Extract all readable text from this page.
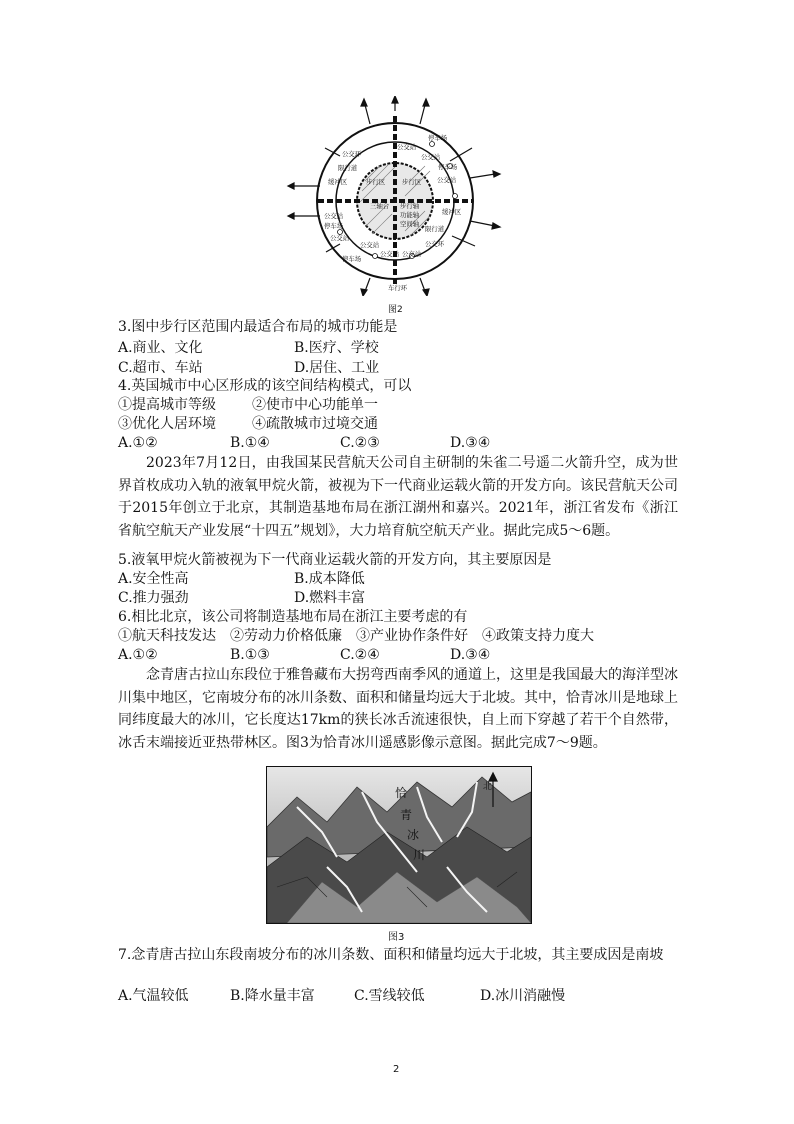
公交站
停车场
公交站
停车场
公交站
公交环
限行道
缓冲区	步行区	步行区
三轴合 步行轴
功能轴
空间轴
缓冲区
限行道
公交站
停车场
公交站
公交站
公交站 公交站
公交环
停车场
车行环
图2
3.图中步行区范围内最适合布局的城市功能是
A.商业、文化	B.医疗、学校
C.超市、车站	D.居住、工业
4.英国城市中心区形成的该空间结构模式，可以
①提高城市等级	②使市中心功能单一
③优化人居环境	④疏散城市过境交通
A.①②	B.①④	C.②③	D.③④
2023年7月12日，由我国某民营航天公司自主研制的朱雀二号遥二火箭升空，成为世界首枚成功入轨的液氧甲烷火箭，被视为下一代商业运载火箭的开发方向。该民营航天公司于2015年创立于北京，其制造基地布局在浙江湖州和嘉兴。2021年，浙江省发布《浙江省航空航天产业发展“十四五”规划》，大力培育航空航天产业。据此完成5～6题。
5.液氧甲烷火箭被视为下一代商业运载火箭的开发方向，其主要原因是
A.安全性高	B.成本降低
C.推力强劲	D.燃料丰富
6.相比北京，该公司将制造基地布局在浙江主要考虑的有
①航天科技发达　②劳动力价格低廉　③产业协作条件好　④政策支持力度大
A.①②	B.①③	C.②④	D.③④
念青唐古拉山东段位于雅鲁藏布大拐弯西南季风的通道上，这里是我国最大的海洋型冰川集中地区，它南坡分布的冰川条数、面积和储量均远大于北坡。其中，恰青冰川是地球上同纬度最大的冰川，它长度达17km的狭长冰舌流速很快，自上而下穿越了若干个自然带，冰舌末端接近亚热带林区。图3为恰青冰川遥感影像示意图。据此完成7～9题。
恰
青
冰
川
北
图3
7.念青唐古拉山东段南坡分布的冰川条数、面积和储量均远大于北坡，其主要成因是南坡
A.气温较低	B.降水量丰富	C.雪线较低	D.冰川消融慢
2
